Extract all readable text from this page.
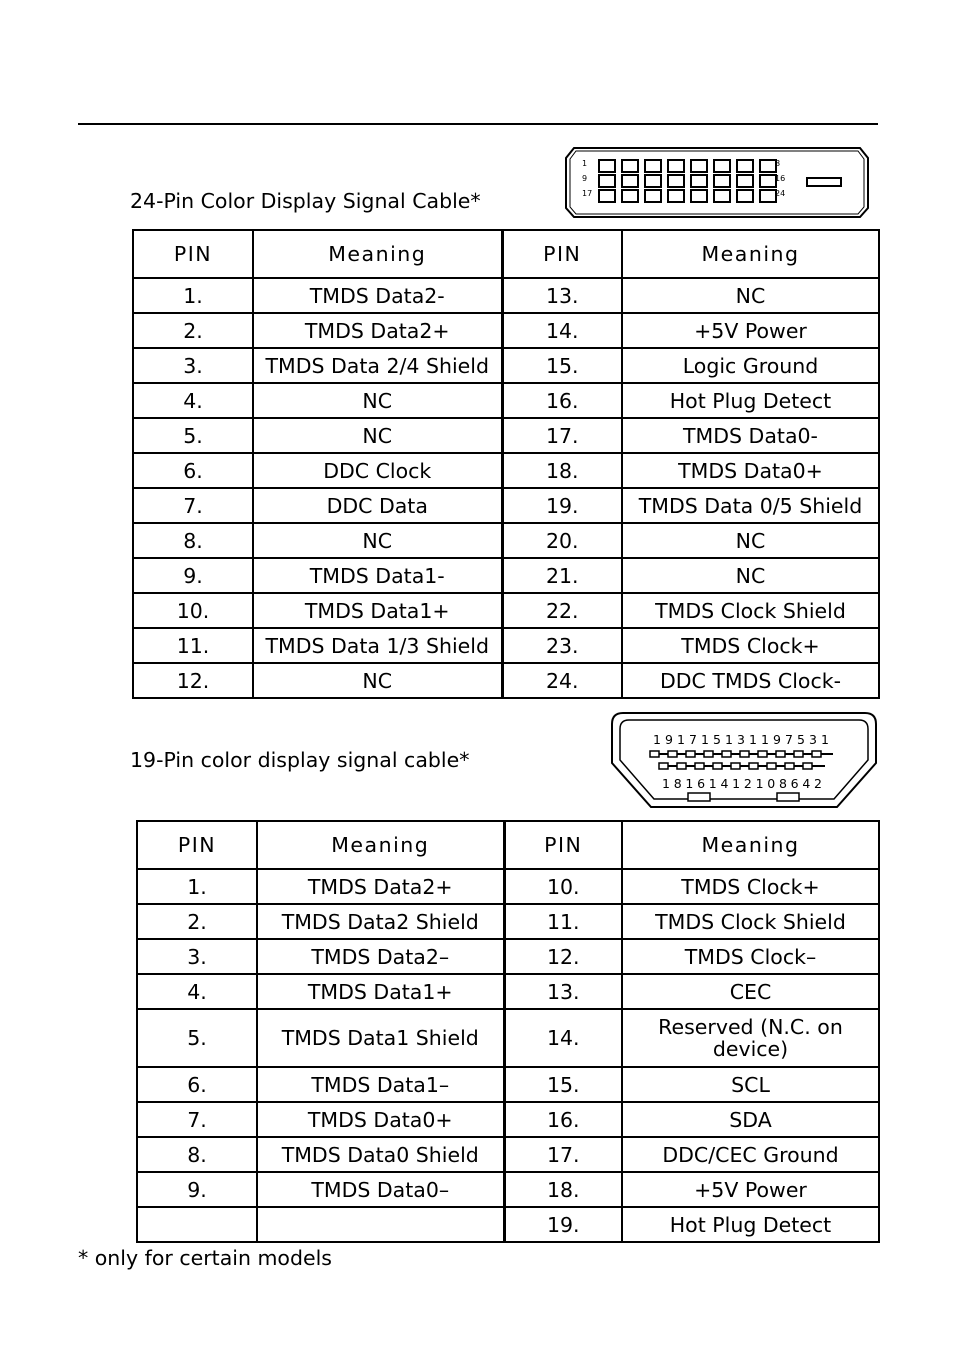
24-Pin Color Display Signal Cable*
1
9
17
8
16
24
PIN	Meaning	PIN	Meaning
1.	TMDS Data2-	13.	NC
2.	TMDS Data2+	14.	+5V Power
3.	TMDS Data 2/4 Shield	15.	Logic Ground
4.	NC	16.	Hot Plug Detect
5.	NC	17.	TMDS Data0-
6.	DDC Clock	18.	TMDS Data0+
7.	DDC Data	19.	TMDS Data 0/5 Shield
8.	NC	20.	NC
9.	TMDS Data1-	21.	NC
10.	TMDS Data1+	22.	TMDS Clock Shield
11.	TMDS Data 1/3 Shield	23.	TMDS Clock+
12.	NC	24.	DDC TMDS Clock-
19-Pin color display signal cable*
191715131197531
18161412108642
PIN	Meaning	PIN	Meaning
1.	TMDS Data2+	10.	TMDS Clock+
2.	TMDS Data2 Shield	11.	TMDS Clock Shield
3.	TMDS Data2–	12.	TMDS Clock–
4.	TMDS Data1+	13.	CEC
5.	TMDS Data1 Shield	14.	Reserved (N.C. on device)
6.	TMDS Data1–	15.	SCL
7.	TMDS Data0+	16.	SDA
8.	TMDS Data0 Shield	17.	DDC/CEC Ground
9.	TMDS Data0–	18.	+5V Power
		19.	Hot Plug Detect
* only for certain models
